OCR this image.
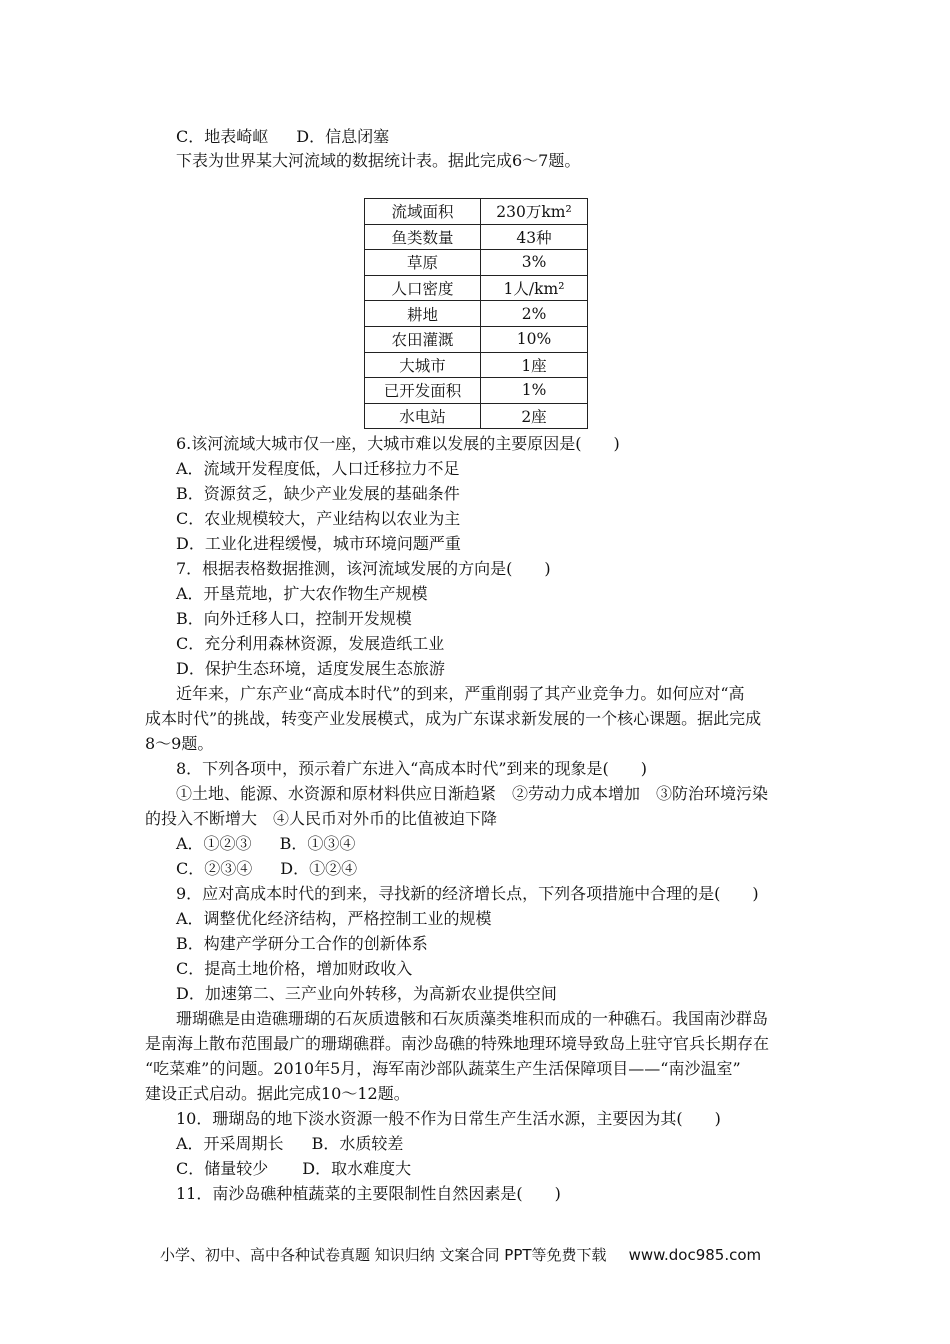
C．地表崎岖 D．信息闭塞
下表为世界某大河流域的数据统计表。据此完成6～7题。
流域面积	230万km²
鱼类数量	43种
草原	3%
人口密度	1人/km²
耕地	2%
农田灌溉	10%
大城市	1座
已开发面积	1%
水电站	2座
6.该河流域大城市仅一座，大城市难以发展的主要原因是(　　)
A．流域开发程度低，人口迁移拉力不足
B．资源贫乏，缺少产业发展的基础条件
C．农业规模较大，产业结构以农业为主
D．工业化进程缓慢，城市环境问题严重
7．根据表格数据推测，该河流域发展的方向是(　　)
A．开垦荒地，扩大农作物生产规模
B．向外迁移人口，控制开发规模
C．充分利用森林资源，发展造纸工业
D．保护生态环境，适度发展生态旅游
近年来，广东产业“高成本时代”的到来，严重削弱了其产业竞争力。如何应对“高
成本时代”的挑战，转变产业发展模式，成为广东谋求新发展的一个核心课题。据此完成
8～9题。
8．下列各项中，预示着广东进入“高成本时代”到来的现象是(　　)
①土地、能源、水资源和原材料供应日渐趋紧　②劳动力成本增加　③防治环境污染
的投入不断增大　④人民币对外币的比值被迫下降
A．①②③ B．①③④
C．②③④ D．①②④
9．应对高成本时代的到来，寻找新的经济增长点，下列各项措施中合理的是(　　)
A．调整优化经济结构，严格控制工业的规模
B．构建产学研分工合作的创新体系
C．提高土地价格，增加财政收入
D．加速第二、三产业向外转移，为高新农业提供空间
珊瑚礁是由造礁珊瑚的石灰质遗骸和石灰质藻类堆积而成的一种礁石。我国南沙群岛
是南海上散布范围最广的珊瑚礁群。南沙岛礁的特殊地理环境导致岛上驻守官兵长期存在
“吃菜难”的问题。2010年5月，海军南沙部队蔬菜生产生活保障项目——“南沙温室”
建设正式启动。据此完成10～12题。
10．珊瑚岛的地下淡水资源一般不作为日常生产生活水源，主要因为其(　　)
A．开采周期长 B．水质较差
C．储量较少 D．取水难度大
11．南沙岛礁种植蔬菜的主要限制性自然因素是(　　)
小学、初中、高中各种试卷真题 知识归纳 文案合同 PPT等免费下载 www.doc985.com
